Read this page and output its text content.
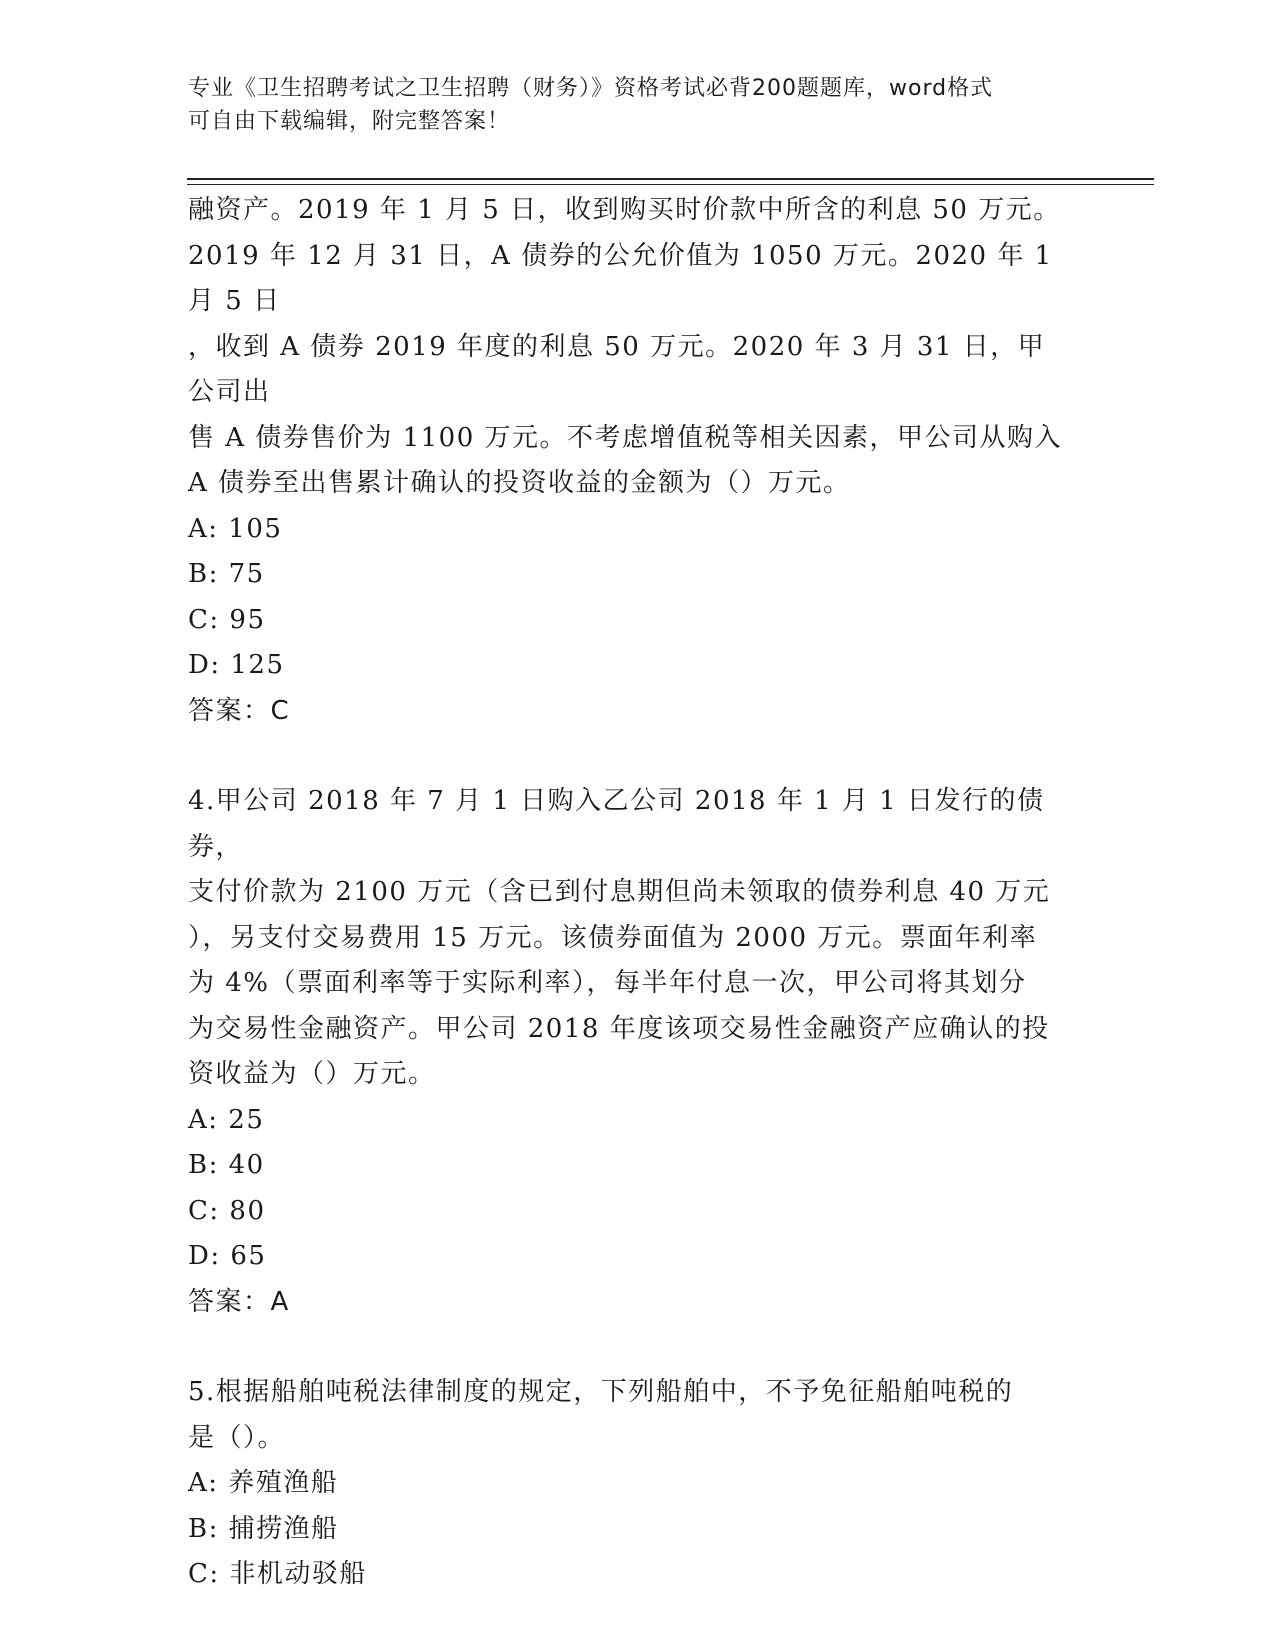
专业《卫生招聘考试之卫生招聘（财务）》资格考试必背200题题库，word格式
可自由下载编辑，附完整答案！

融资产。2019 年 1 月 5 日，收到购买时价款中所含的利息 50 万元。

2019 年 12 月 31 日，A 债券的公允价值为 1050 万元。2020 年 1 月 5 日

，收到 A 债券 2019 年度的利息 50 万元。2020 年 3 月 31 日，甲公司出

售 A 债券售价为 1100 万元。不考虑增值税等相关因素，甲公司从购入

A 债券至出售累计确认的投资收益的金额为（）万元。

A: 105

B: 75

C: 95

D: 125

答案：C

4.甲公司 2018 年 7 月 1 日购入乙公司 2018 年 1 月 1 日发行的债券，

支付价款为 2100 万元（含已到付息期但尚未领取的债券利息 40 万元

），另支付交易费用 15 万元。该债券面值为 2000 万元。票面年利率

为 4%（票面利率等于实际利率），每半年付息一次，甲公司将其划分

为交易性金融资产。甲公司 2018 年度该项交易性金融资产应确认的投

资收益为（）万元。

A: 25

B: 40

C: 80

D: 65

答案：A

5.根据船舶吨税法律制度的规定，下列船舶中，不予免征船舶吨税的

是（）。

A: 养殖渔船

B: 捕捞渔船

C: 非机动驳船
